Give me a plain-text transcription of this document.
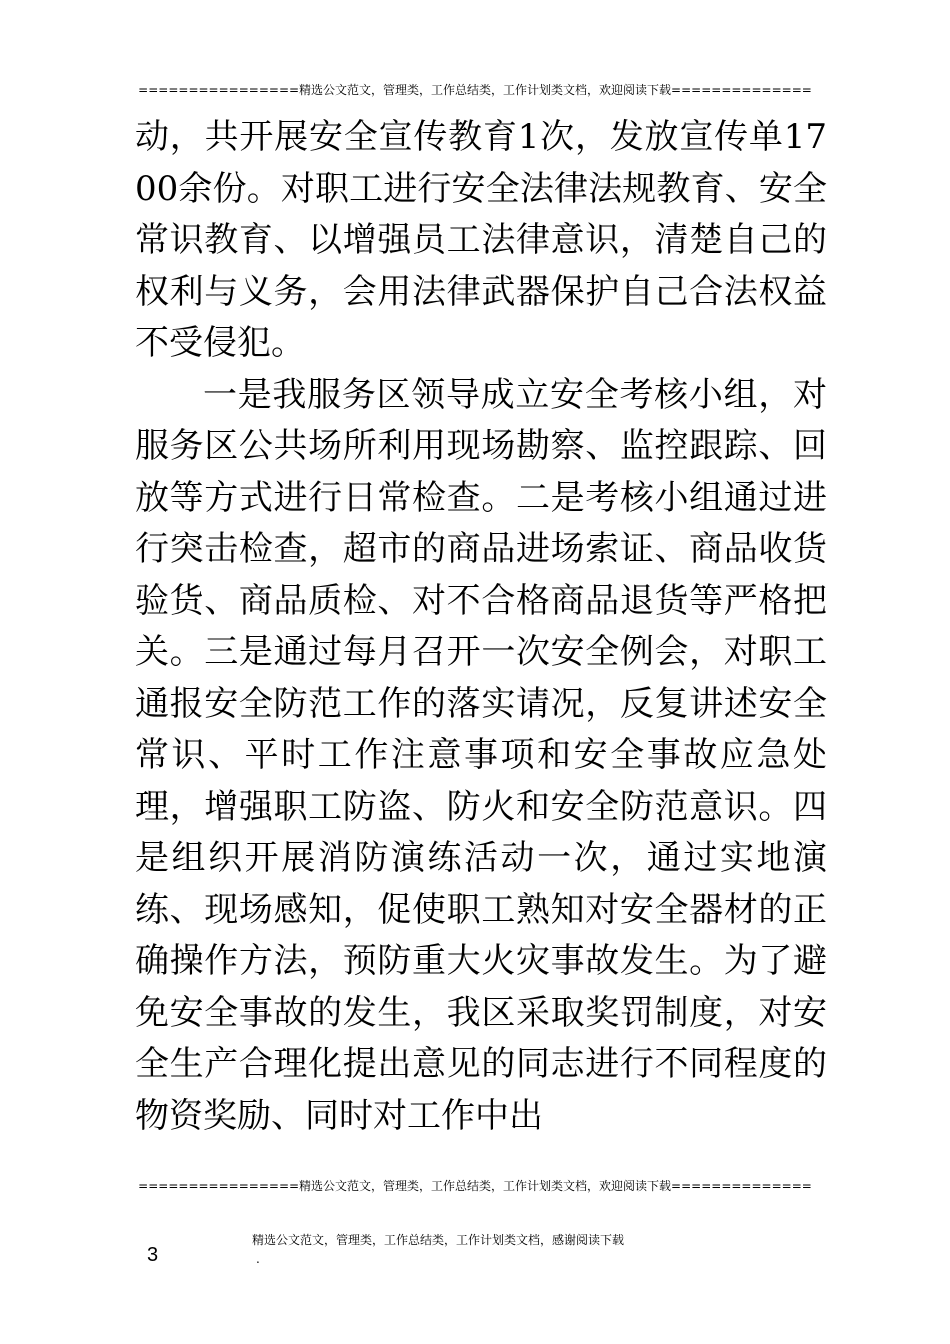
================精选公文范文，管理类，工作总结类，工作计划类文档，欢迎阅读下载==============

动，共开展安全宣传教育1次，发放宣传单1700余份。对职工进行安全法律法规教育、安全常识教育、以增强员工法律意识，清楚自己的权利与义务，会用法律武器保护自己合法权益不受侵犯。

一是我服务区领导成立安全考核小组，对服务区公共场所利用现场勘察、监控跟踪、回放等方式进行日常检查。二是考核小组通过进行突击检查，超市的商品进场索证、商品收货验货、商品质检、对不合格商品退货等严格把关。三是通过每月召开一次安全例会，对职工通报安全防范工作的落实请况，反复讲述安全常识、平时工作注意事项和安全事故应急处理，增强职工防盗、防火和安全防范意识。四是组织开展消防演练活动一次，通过实地演练、现场感知，促使职工熟知对安全器材的正确操作方法，预防重大火灾事故发生。为了避免安全事故的发生，我区采取奖罚制度，对安全生产合理化提出意见的同志进行不同程度的物资奖励、同时对工作中出

================精选公文范文，管理类，工作总结类，工作计划类文档，欢迎阅读下载==============
3
精选公文范文，管理类，工作总结类，工作计划类文档，感谢阅读下载
.
